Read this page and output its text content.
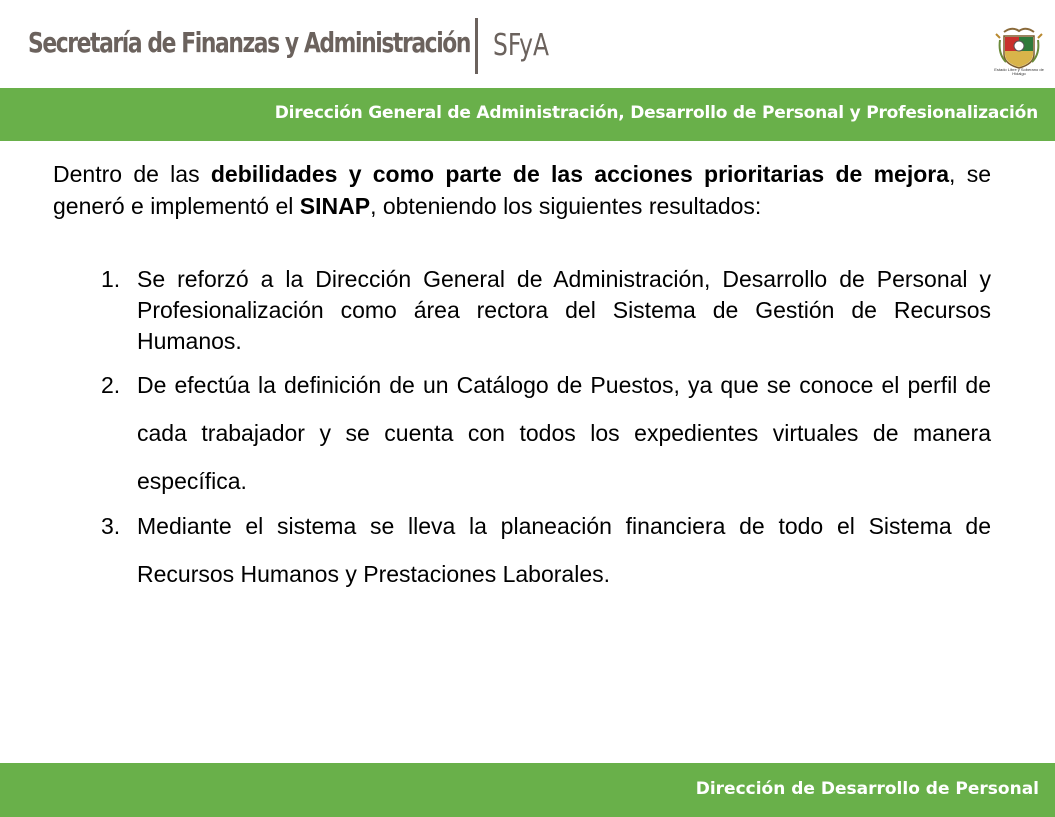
Secretaría de Finanzas y Administración SFyA
Estado Libre y Soberano de Hidalgo
Dirección General de Administración, Desarrollo de Personal y Profesionalización

Dentro de las debilidades y como parte de las acciones prioritarias de mejora, se generó e implementó el SINAP, obteniendo los siguientes resultados:

1. Se reforzó a la Dirección General de Administración, Desarrollo de Personal y Profesionalización como área rectora del Sistema de Gestión de Recursos Humanos.
2. De efectúa la definición de un Catálogo de Puestos, ya que se conoce el perfil de cada trabajador y se cuenta con todos los expedientes virtuales de manera específica.
3. Mediante el sistema se lleva la planeación financiera de todo el Sistema de Recursos Humanos y Prestaciones Laborales.
Dirección de Desarrollo de Personal
